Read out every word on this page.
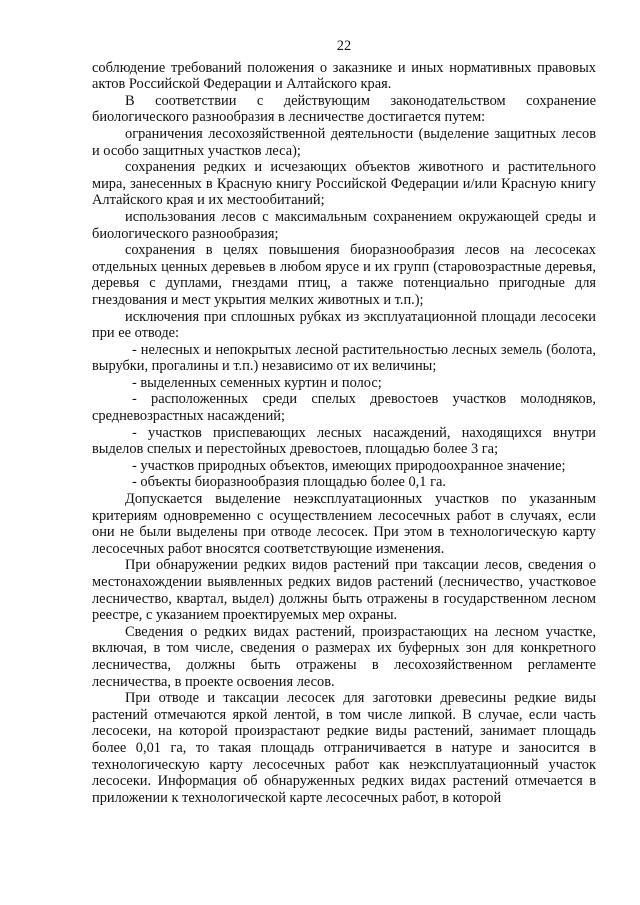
22

соблюдение требований положения о заказнике и иных нормативных правовых актов Российской Федерации и Алтайского края.

В соответствии с действующим законодательством сохранение биологического разнообразия в лесничестве достигается путем:

ограничения лесохозяйственной деятельности (выделение защитных лесов и особо защитных участков леса);

сохранения редких и исчезающих объектов животного и растительного мира, занесенных в Красную книгу Российской Федерации и/или Красную книгу Алтайского края и их местообитаний;

использования лесов с максимальным сохранением окружающей среды и биологического разнообразия;

сохранения в целях повышения биоразнообразия лесов на лесосеках отдельных ценных деревьев в любом ярусе и их групп (старовозрастные деревья, деревья с дуплами, гнездами птиц, а также потенциально пригодные для гнездования и мест укрытия мелких животных и т.п.);

исключения при сплошных рубках из эксплуатационной площади лесосеки при ее отводе:

- нелесных и непокрытых лесной растительностью лесных земель (болота, вырубки, прогалины и т.п.) независимо от их величины;

- выделенных семенных куртин и полос;

- расположенных среди спелых древостоев участков молодняков, средневозрастных насаждений;

- участков приспевающих лесных насаждений, находящихся внутри выделов спелых и перестойных древостоев, площадью более 3 га;

- участков природных объектов, имеющих природоохранное значение;

- объекты биоразнообразия площадью более 0,1 га.

Допускается выделение неэксплуатационных участков по указанным критериям одновременно с осуществлением лесосечных работ в случаях, если они не были выделены при отводе лесосек. При этом в технологическую карту лесосечных работ вносятся соответствующие изменения.

При обнаружении редких видов растений при таксации лесов, сведения о местонахождении выявленных редких видов растений (лесничество, участковое лесничество, квартал, выдел) должны быть отражены в государственном лесном реестре, с указанием проектируемых мер охраны.

Сведения о редких видах растений, произрастающих на лесном участке, включая, в том числе, сведения о размерах их буферных зон для конкретного лесничества, должны быть отражены в лесохозяйственном регламенте лесничества, в проекте освоения лесов.

При отводе и таксации лесосек для заготовки древесины редкие виды растений отмечаются яркой лентой, в том числе липкой. В случае, если часть лесосеки, на которой произрастают редкие виды растений, занимает площадь более 0,01 га, то такая площадь отграничивается в натуре и заносится в технологическую карту лесосечных работ как неэксплуатационный участок лесосеки. Информация об обнаруженных редких видах растений отмечается в приложении к технологической карте лесосечных работ, в которой
